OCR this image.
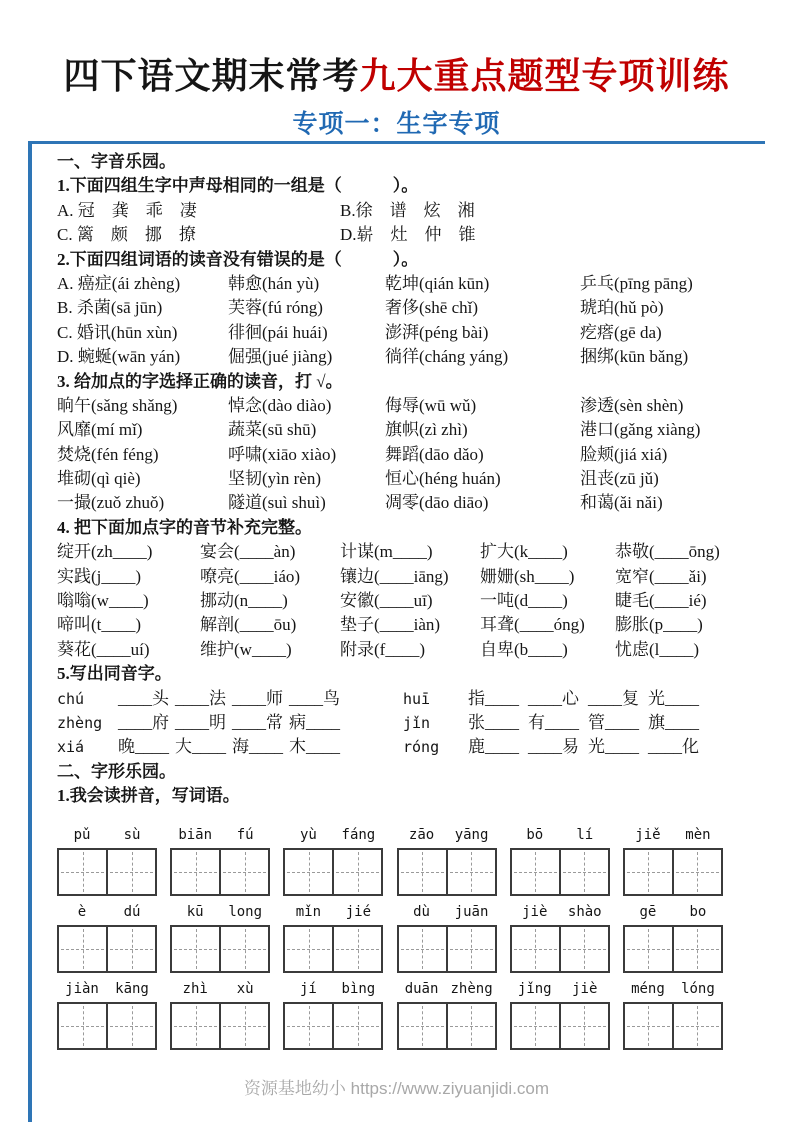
四下语文期末常考九大重点题型专项训练
专项一：生字专项
一、字音乐园。
1.下面四组生字中声母相同的一组是（　　　）。
A. 冠　龚　乖　凄	B.徐　谱　炫　湘
C. 篱　颇　挪　撩	D.崭　灶　仲　锥
2.下面四组词语的读音没有错误的是（　　　）。
A. 癌症(ái zhèng)	韩愈(hán yù)	乾坤(qián kūn)	乒乓(pīng pāng)
B. 杀菌(sā jūn)	芙蓉(fú róng)	奢侈(shē chǐ)	琥珀(hǔ pò)
C. 婚讯(hūn xùn)	徘徊(pái huái)	澎湃(péng bài)	疙瘩(gē da)
D. 蜿蜒(wān yán)	倔强(jué jiàng)	徜徉(cháng yáng)	捆绑(kūn bǎng)
3. 给加点的字选择正确的读音，打 √。
晌午(sǎng shǎng)	悼念(dào diào)	侮辱(wū wǔ)	渗透(sèn shèn)
风靡(mí mǐ)	蔬菜(sū shū)	旗帜(zì zhì)	港口(gǎng xiàng)
焚烧(fén féng)	呼啸(xiāo xiào)	舞蹈(dāo dǎo)	脸颊(jiá xiá)
堆砌(qì qiè)	坚韧(yìn rèn)	恒心(héng huán)	沮丧(zū jǔ)
一撮(zuǒ zhuǒ)	隧道(suì shuì)	凋零(dāo diāo)	和蔼(ǎi nǎi)
4. 把下面加点字的音节补充完整。
绽开(zh____)	宴会(____àn)	计谋(m____)	扩大(k____)	恭敬(____ōng)
实践(j____)	嘹亮(____iáo)	镶边(____iāng)	姗姗(sh____)	宽窄(____ǎi)
嗡嗡(w____)	挪动(n____)	安徽(____uī)	一吨(d____)	睫毛(____ié)
啼叫(t____)	解剖(____ōu)	垫子(____iàn)	耳聋(____óng)	膨胀(p____)
葵花(____uí)	维护(w____)	附录(f____)	自卑(b____)	忧虑(l____)
5.写出同音字。
chú	____头 ____法 ____师 ____鸟	huī	指____ ____心 ____复 光____
zhèng ____府 ____明 ____常 病____	jǐn	张____ 有____ 管____ 旗____
xiá	晚____ 大____ 海____ 木____	róng	鹿____ ____易 光____ ____化
二、字形乐园。
1.我会读拼音，写词语。
pǔ	sù	biān	fú	yù	fáng	zāo	yāng	bō	lí	jiě	mèn
è	dú	kū	long	mǐn	jié	dù	juān	jiè	shào	gē	bo
jiàn	kāng	zhì	xù	jí	bìng	duān zhèng	jǐng	jiè	méng	lóng
资源基地幼小 https://www.ziyuanjidi.com
